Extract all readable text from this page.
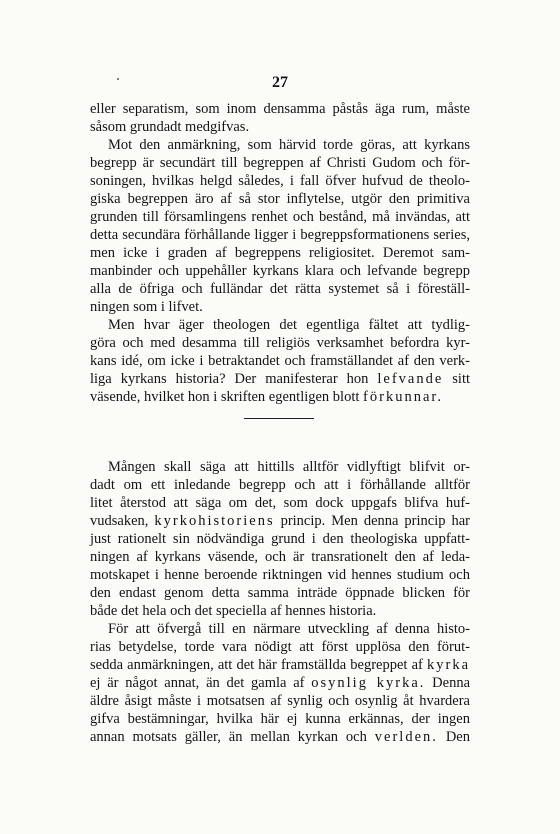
27
eller separatism, som inom densamma påstås äga rum, måste
såsom grundadt medgifvas.
Mot den anmärkning, som härvid torde göras, att kyrkans
begrepp är secundärt till begreppen af Christi Gudom och för-
soningen, hvilkas helgd således, i fall öfver hufvud de theolo-
giska begreppen äro af så stor inflytelse, utgör den primitiva
grunden till församlingens renhet och bestånd, må invändas, att
detta secundära förhållande ligger i begreppsformationens series,
men icke i graden af begreppens religiositet. Deremot sam-
manbinder och uppehåller kyrkans klara och lefvande begrepp
alla de öfriga och fulländar det rätta systemet så i föreställ-
ningen som i lifvet.
Men hvar äger theologen det egentliga fältet att tydlig-
göra och med desamma till religiös verksamhet befordra kyr-
kans idé, om icke i betraktandet och framställandet af den verk-
liga kyrkans historia? Der manifesterar hon lefvande sitt
väsende, hvilket hon i skriften egentligen blott förkunnar.
Mången skall säga att hittills alltför vidlyftigt blifvit or-
dadt om ett inledande begrepp och att i förhållande alltför
litet återstod att säga om det, som dock uppgafs blifva huf-
vudsaken, kyrkohistoriens princip. Men denna princip har
just rationelt sin nödvändiga grund i den theologiska uppfatt-
ningen af kyrkans väsende, och är transrationelt den af leda-
motskapet i henne beroende riktningen vid hennes studium och
den endast genom detta samma inträde öppnade blicken för
både det hela och det speciella af hennes historia.
För att öfvergå till en närmare utveckling af denna histo-
rias betydelse, torde vara nödigt att först upplösa den förut-
sedda anmärkningen, att det här framställda begreppet af kyrka
ej är något annat, än det gamla af osynlig kyrka. Denna
äldre åsigt måste i motsatsen af synlig och osynlig åt hvardera
gifva bestämningar, hvilka här ej kunna erkännas, der ingen
annan motsats gäller, än mellan kyrkan och verlden. Den
